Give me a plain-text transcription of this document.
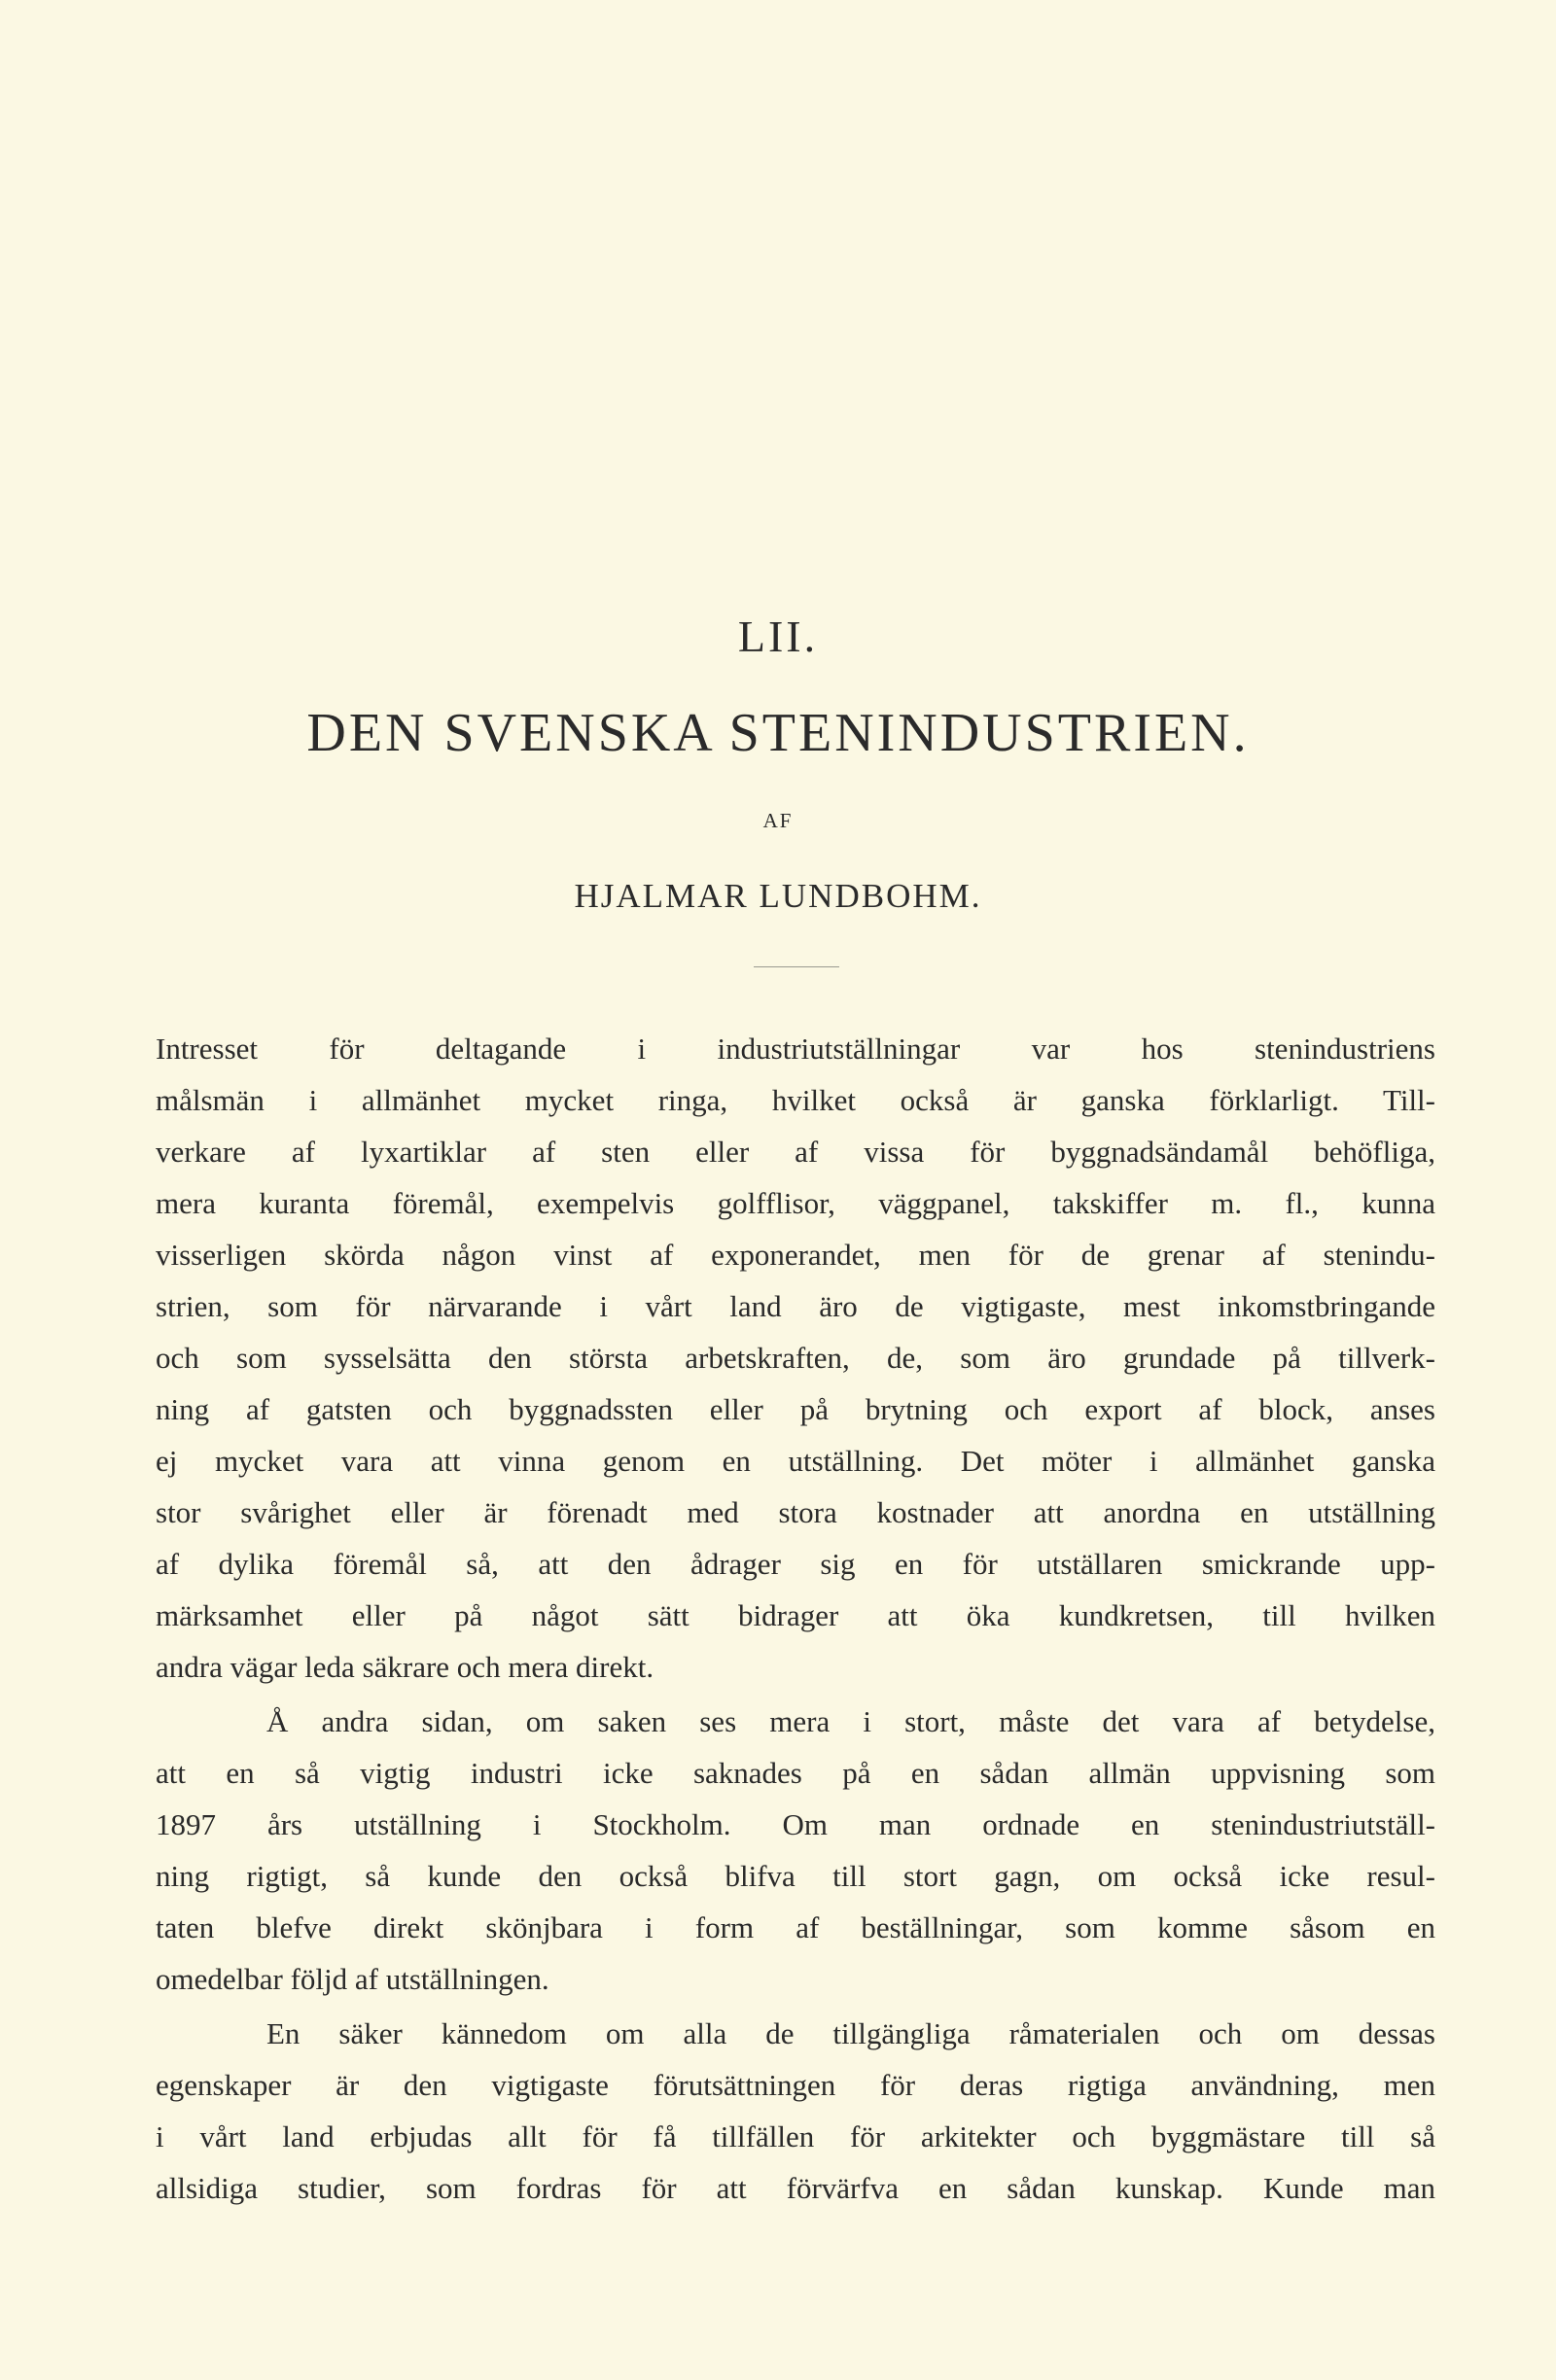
LII.
DEN SVENSKA STENINDUSTRIEN.
AF
HJALMAR LUNDBOHM.
Intresset för deltagande i industriutställningar var hos stenindustriens
målsmän i allmänhet mycket ringa, hvilket också är ganska förklarligt. Till-
verkare af lyxartiklar af sten eller af vissa för byggnadsändamål behöfliga,
mera kuranta föremål, exempelvis golfflisor, väggpanel, takskiffer m. fl., kunna
visserligen skörda någon vinst af exponerandet, men för de grenar af stenindu-
strien, som för närvarande i vårt land äro de vigtigaste, mest inkomstbringande
och som sysselsätta den största arbetskraften, de, som äro grundade på tillverk-
ning af gatsten och byggnadssten eller på brytning och export af block, anses
ej mycket vara att vinna genom en utställning. Det möter i allmänhet ganska
stor svårighet eller är förenadt med stora kostnader att anordna en utställning
af dylika föremål så, att den ådrager sig en för utställaren smickrande upp-
märksamhet eller på något sätt bidrager att öka kundkretsen, till hvilken
andra vägar leda säkrare och mera direkt.
Å andra sidan, om saken ses mera i stort, måste det vara af betydelse,
att en så vigtig industri icke saknades på en sådan allmän uppvisning som
1897 års utställning i Stockholm. Om man ordnade en stenindustriutställ-
ning rigtigt, så kunde den också blifva till stort gagn, om också icke resul-
taten blefve direkt skönjbara i form af beställningar, som komme såsom en
omedelbar följd af utställningen.
En säker kännedom om alla de tillgängliga råmaterialen och om dessas
egenskaper är den vigtigaste förutsättningen för deras rigtiga användning, men
i vårt land erbjudas allt för få tillfällen för arkitekter och byggmästare till så
allsidiga studier, som fordras för att förvärfva en sådan kunskap. Kunde man
